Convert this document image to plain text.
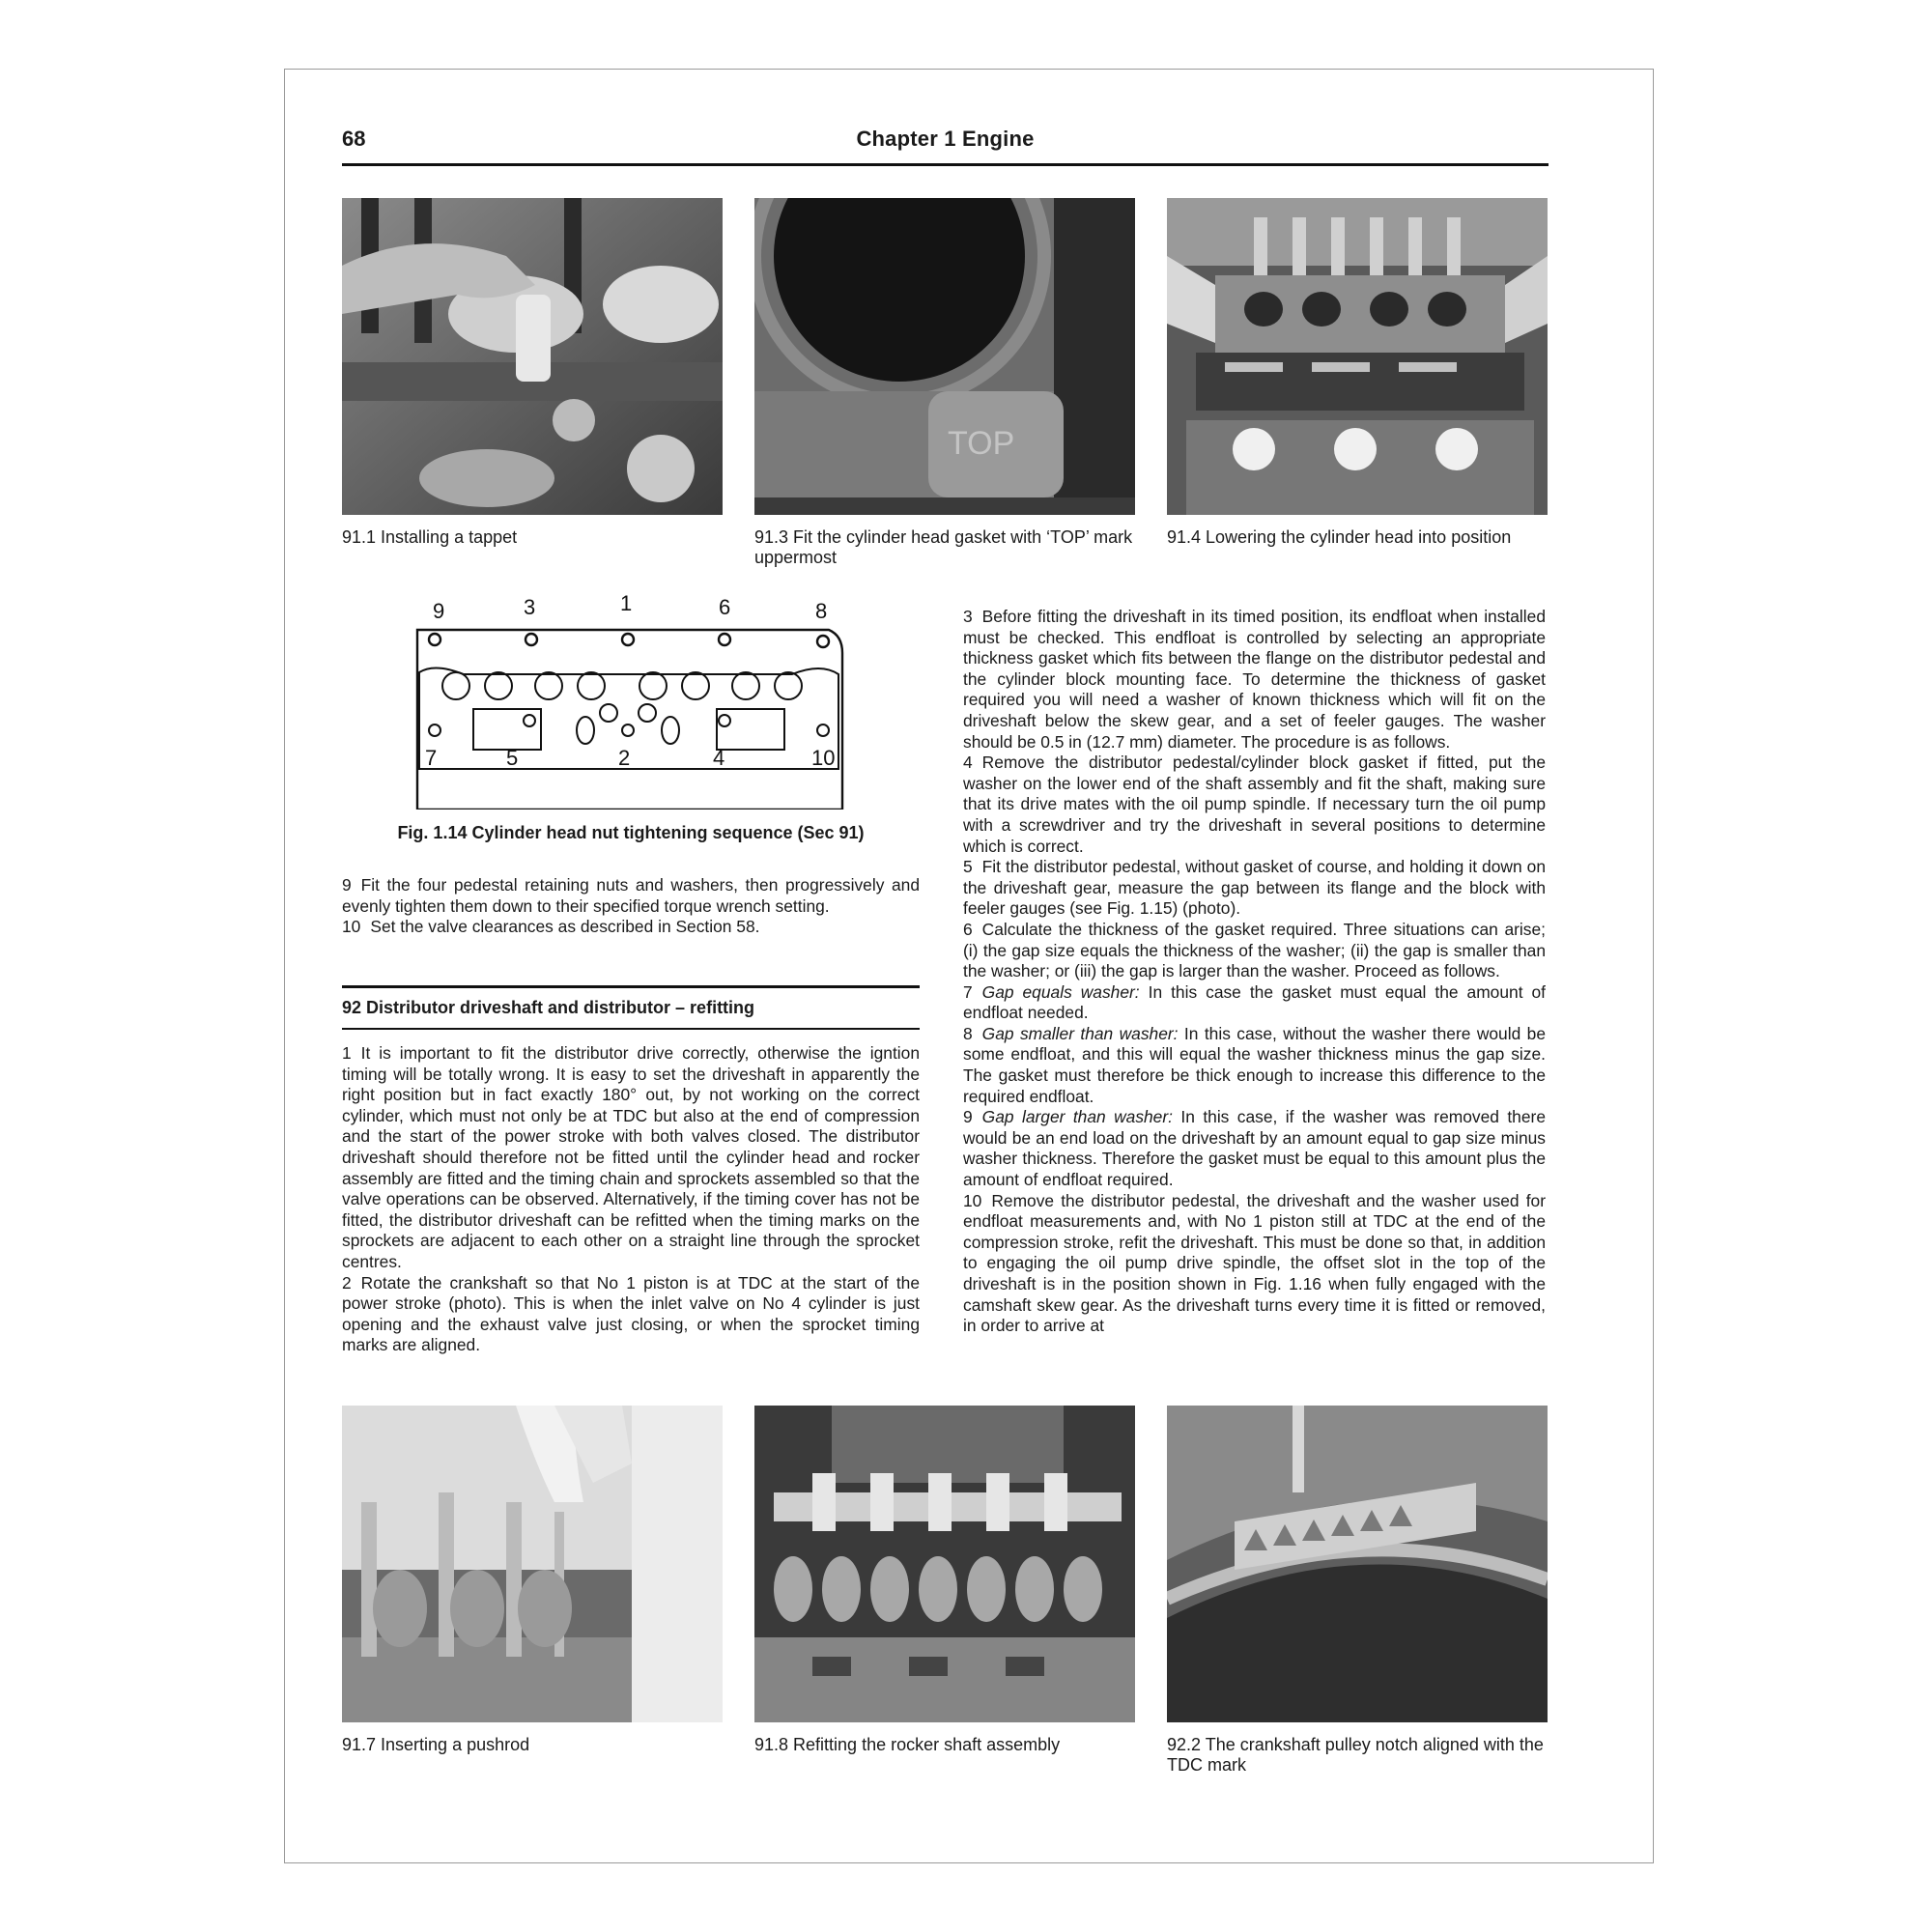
68	Chapter 1 Engine
91.1 Installing a tappet
TOP
91.3 Fit the cylinder head gasket with ‘TOP’ mark uppermost
91.4 Lowering the cylinder head into position
9	3	1	6	8
7	5	2	4	10
Fig. 1.14 Cylinder head nut tightening sequence (Sec 91)

9 Fit the four pedestal retaining nuts and washers, then progressively and evenly tighten them down to their specified torque wrench setting.

10 Set the valve clearances as described in Section 58.

92 Distributor driveshaft and distributor – refitting

1 It is important to fit the distributor drive correctly, otherwise the igntion timing will be totally wrong. It is easy to set the driveshaft in apparently the right position but in fact exactly 180° out, by not working on the correct cylinder, which must not only be at TDC but also at the end of compression and the start of the power stroke with both valves closed. The distributor driveshaft should therefore not be fitted until the cylinder head and rocker assembly are fitted and the timing chain and sprockets assembled so that the valve operations can be observed. Alternatively, if the timing cover has not be fitted, the distributor driveshaft can be refitted when the timing marks on the sprockets are adjacent to each other on a straight line through the sprocket centres.

2 Rotate the crankshaft so that No 1 piston is at TDC at the start of the power stroke (photo). This is when the inlet valve on No 4 cylinder is just opening and the exhaust valve just closing, or when the sprocket timing marks are aligned.

3 Before fitting the driveshaft in its timed position, its endfloat when installed must be checked. This endfloat is controlled by selecting an appropriate thickness gasket which fits between the flange on the distributor pedestal and the cylinder block mounting face. To determine the thickness of gasket required you will need a washer of known thickness which will fit on the driveshaft below the skew gear, and a set of feeler gauges. The washer should be 0.5 in (12.7 mm) diameter. The procedure is as follows.

4 Remove the distributor pedestal/cylinder block gasket if fitted, put the washer on the lower end of the shaft assembly and fit the shaft, making sure that its drive mates with the oil pump spindle. If necessary turn the oil pump with a screwdriver and try the driveshaft in several positions to determine which is correct.

5 Fit the distributor pedestal, without gasket of course, and holding it down on the driveshaft gear, measure the gap between its flange and the block with feeler gauges (see Fig. 1.15) (photo).

6 Calculate the thickness of the gasket required. Three situations can arise; (i) the gap size equals the thickness of the washer; (ii) the gap is smaller than the washer; or (iii) the gap is larger than the washer. Proceed as follows.

7 Gap equals washer: In this case the gasket must equal the amount of endfloat needed.

8 Gap smaller than washer: In this case, without the washer there would be some endfloat, and this will equal the washer thickness minus the gap size. The gasket must therefore be thick enough to increase this difference to the required endfloat.

9 Gap larger than washer: In this case, if the washer was removed there would be an end load on the driveshaft by an amount equal to gap size minus washer thickness. Therefore the gasket must be equal to this amount plus the amount of endfloat required.

10 Remove the distributor pedestal, the driveshaft and the washer used for endfloat measurements and, with No 1 piston still at TDC at the end of the compression stroke, refit the driveshaft. This must be done so that, in addition to engaging the oil pump drive spindle, the offset slot in the top of the driveshaft is in the position shown in Fig. 1.16 when fully engaged with the camshaft skew gear. As the driveshaft turns every time it is fitted or removed, in order to arrive at

91.7 Inserting a pushrod	91.8 Refitting the rocker shaft assembly	92.2 The crankshaft pulley notch aligned with the TDC mark
